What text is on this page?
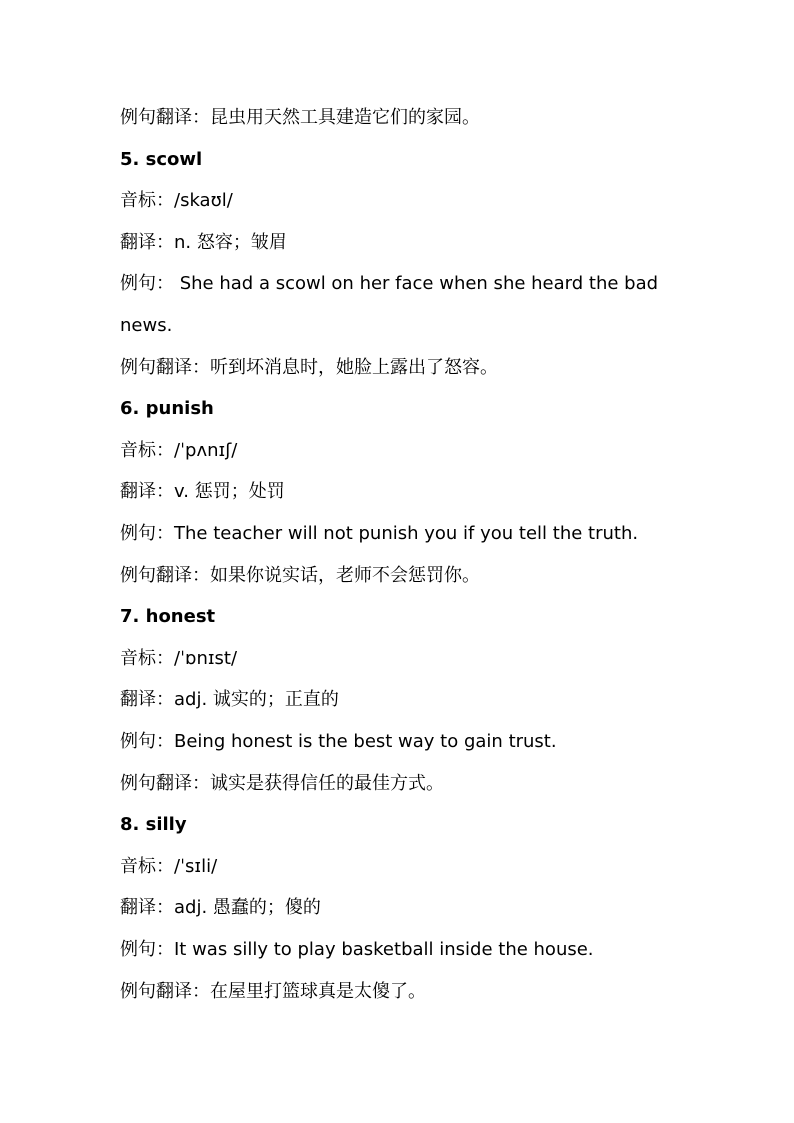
例句翻译：昆虫用天然工具建造它们的家园。
5. scowl
音标：/skaʊl/
翻译：n. 怒容；皱眉
例句： She had a scowl on her face when she heard the bad
news.
例句翻译：听到坏消息时，她脸上露出了怒容。
6. punish
音标：/ˈpʌnɪʃ/
翻译：v. 惩罚；处罚
例句：The teacher will not punish you if you tell the truth.
例句翻译：如果你说实话，老师不会惩罚你。
7. honest
音标：/ˈɒnɪst/
翻译：adj. 诚实的；正直的
例句：Being honest is the best way to gain trust.
例句翻译：诚实是获得信任的最佳方式。
8. silly
音标：/ˈsɪli/
翻译：adj. 愚蠢的；傻的
例句：It was silly to play basketball inside the house.
例句翻译：在屋里打篮球真是太傻了。
